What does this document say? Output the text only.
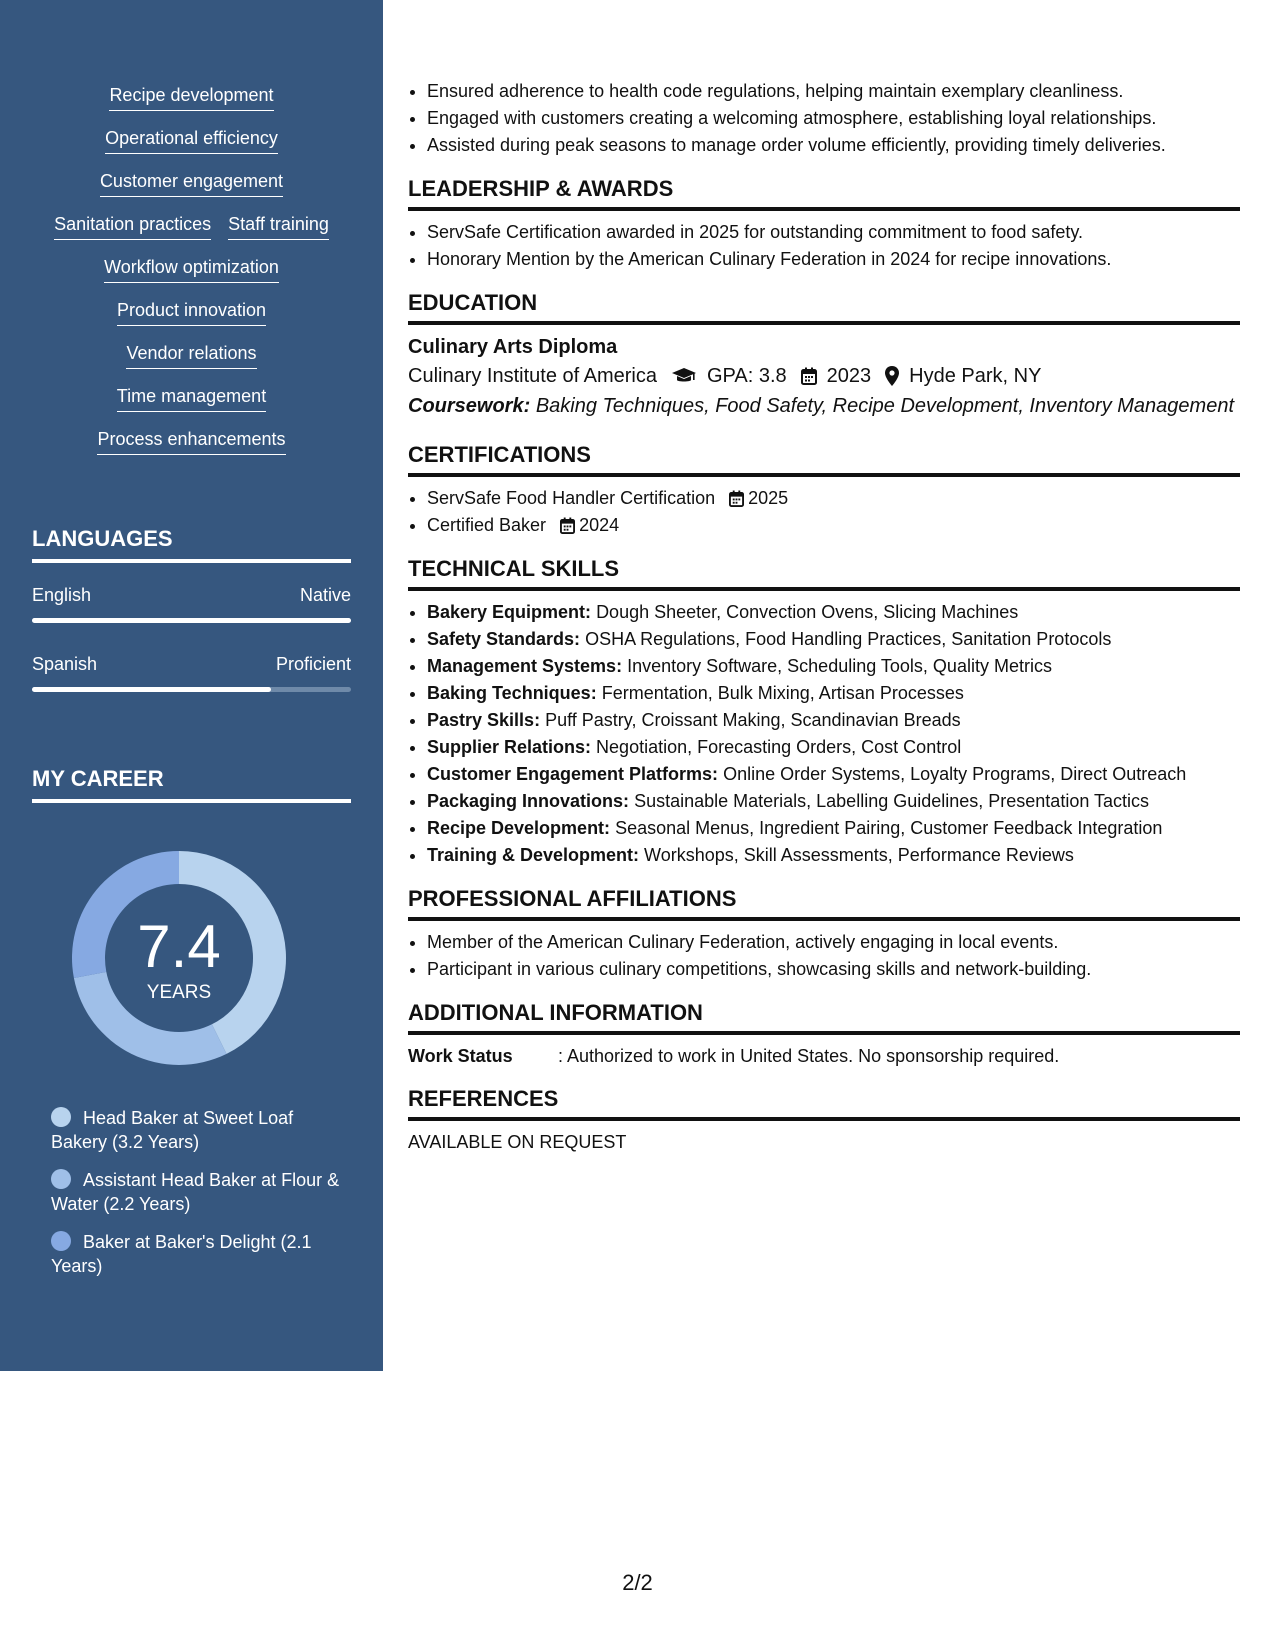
Recipe development
Operational efficiency
Customer engagement
Sanitation practices Staff training
Workflow optimization
Product innovation
Vendor relations
Time management
Process enhancements
LANGUAGES
English	Native
Spanish	Proficient
MY CAREER
7.4
YEARS
Head Baker at Sweet Loaf Bakery (3.2 Years)
Assistant Head Baker at Flour & Water (2.2 Years)
Baker at Baker's Delight (2.1 Years)
• Ensured adherence to health code regulations, helping maintain exemplary cleanliness.
• Engaged with customers creating a welcoming atmosphere, establishing loyal relationships.
• Assisted during peak seasons to manage order volume efficiently, providing timely deliveries.
LEADERSHIP & AWARDS
• ServSafe Certification awarded in 2025 for outstanding commitment to food safety.
• Honorary Mention by the American Culinary Federation in 2024 for recipe innovations.
EDUCATION
Culinary Arts Diploma
Culinary Institute of America	GPA: 3.8 2023 Hyde Park, NY
Coursework: Baking Techniques, Food Safety, Recipe Development, Inventory Management
CERTIFICATIONS
• ServSafe Food Handler Certification 2025
• Certified Baker 2024
TECHNICAL SKILLS
• Bakery Equipment: Dough Sheeter, Convection Ovens, Slicing Machines
• Safety Standards: OSHA Regulations, Food Handling Practices, Sanitation Protocols
• Management Systems: Inventory Software, Scheduling Tools, Quality Metrics
• Baking Techniques: Fermentation, Bulk Mixing, Artisan Processes
• Pastry Skills: Puff Pastry, Croissant Making, Scandinavian Breads
• Supplier Relations: Negotiation, Forecasting Orders, Cost Control
• Customer Engagement Platforms: Online Order Systems, Loyalty Programs, Direct Outreach
• Packaging Innovations: Sustainable Materials, Labelling Guidelines, Presentation Tactics
• Recipe Development: Seasonal Menus, Ingredient Pairing, Customer Feedback Integration
• Training & Development: Workshops, Skill Assessments, Performance Reviews
PROFESSIONAL AFFILIATIONS
• Member of the American Culinary Federation, actively engaging in local events.
• Participant in various culinary competitions, showcasing skills and network-building.
ADDITIONAL INFORMATION
Work Status	: Authorized to work in United States. No sponsorship required.
REFERENCES
AVAILABLE ON REQUEST
2/2
